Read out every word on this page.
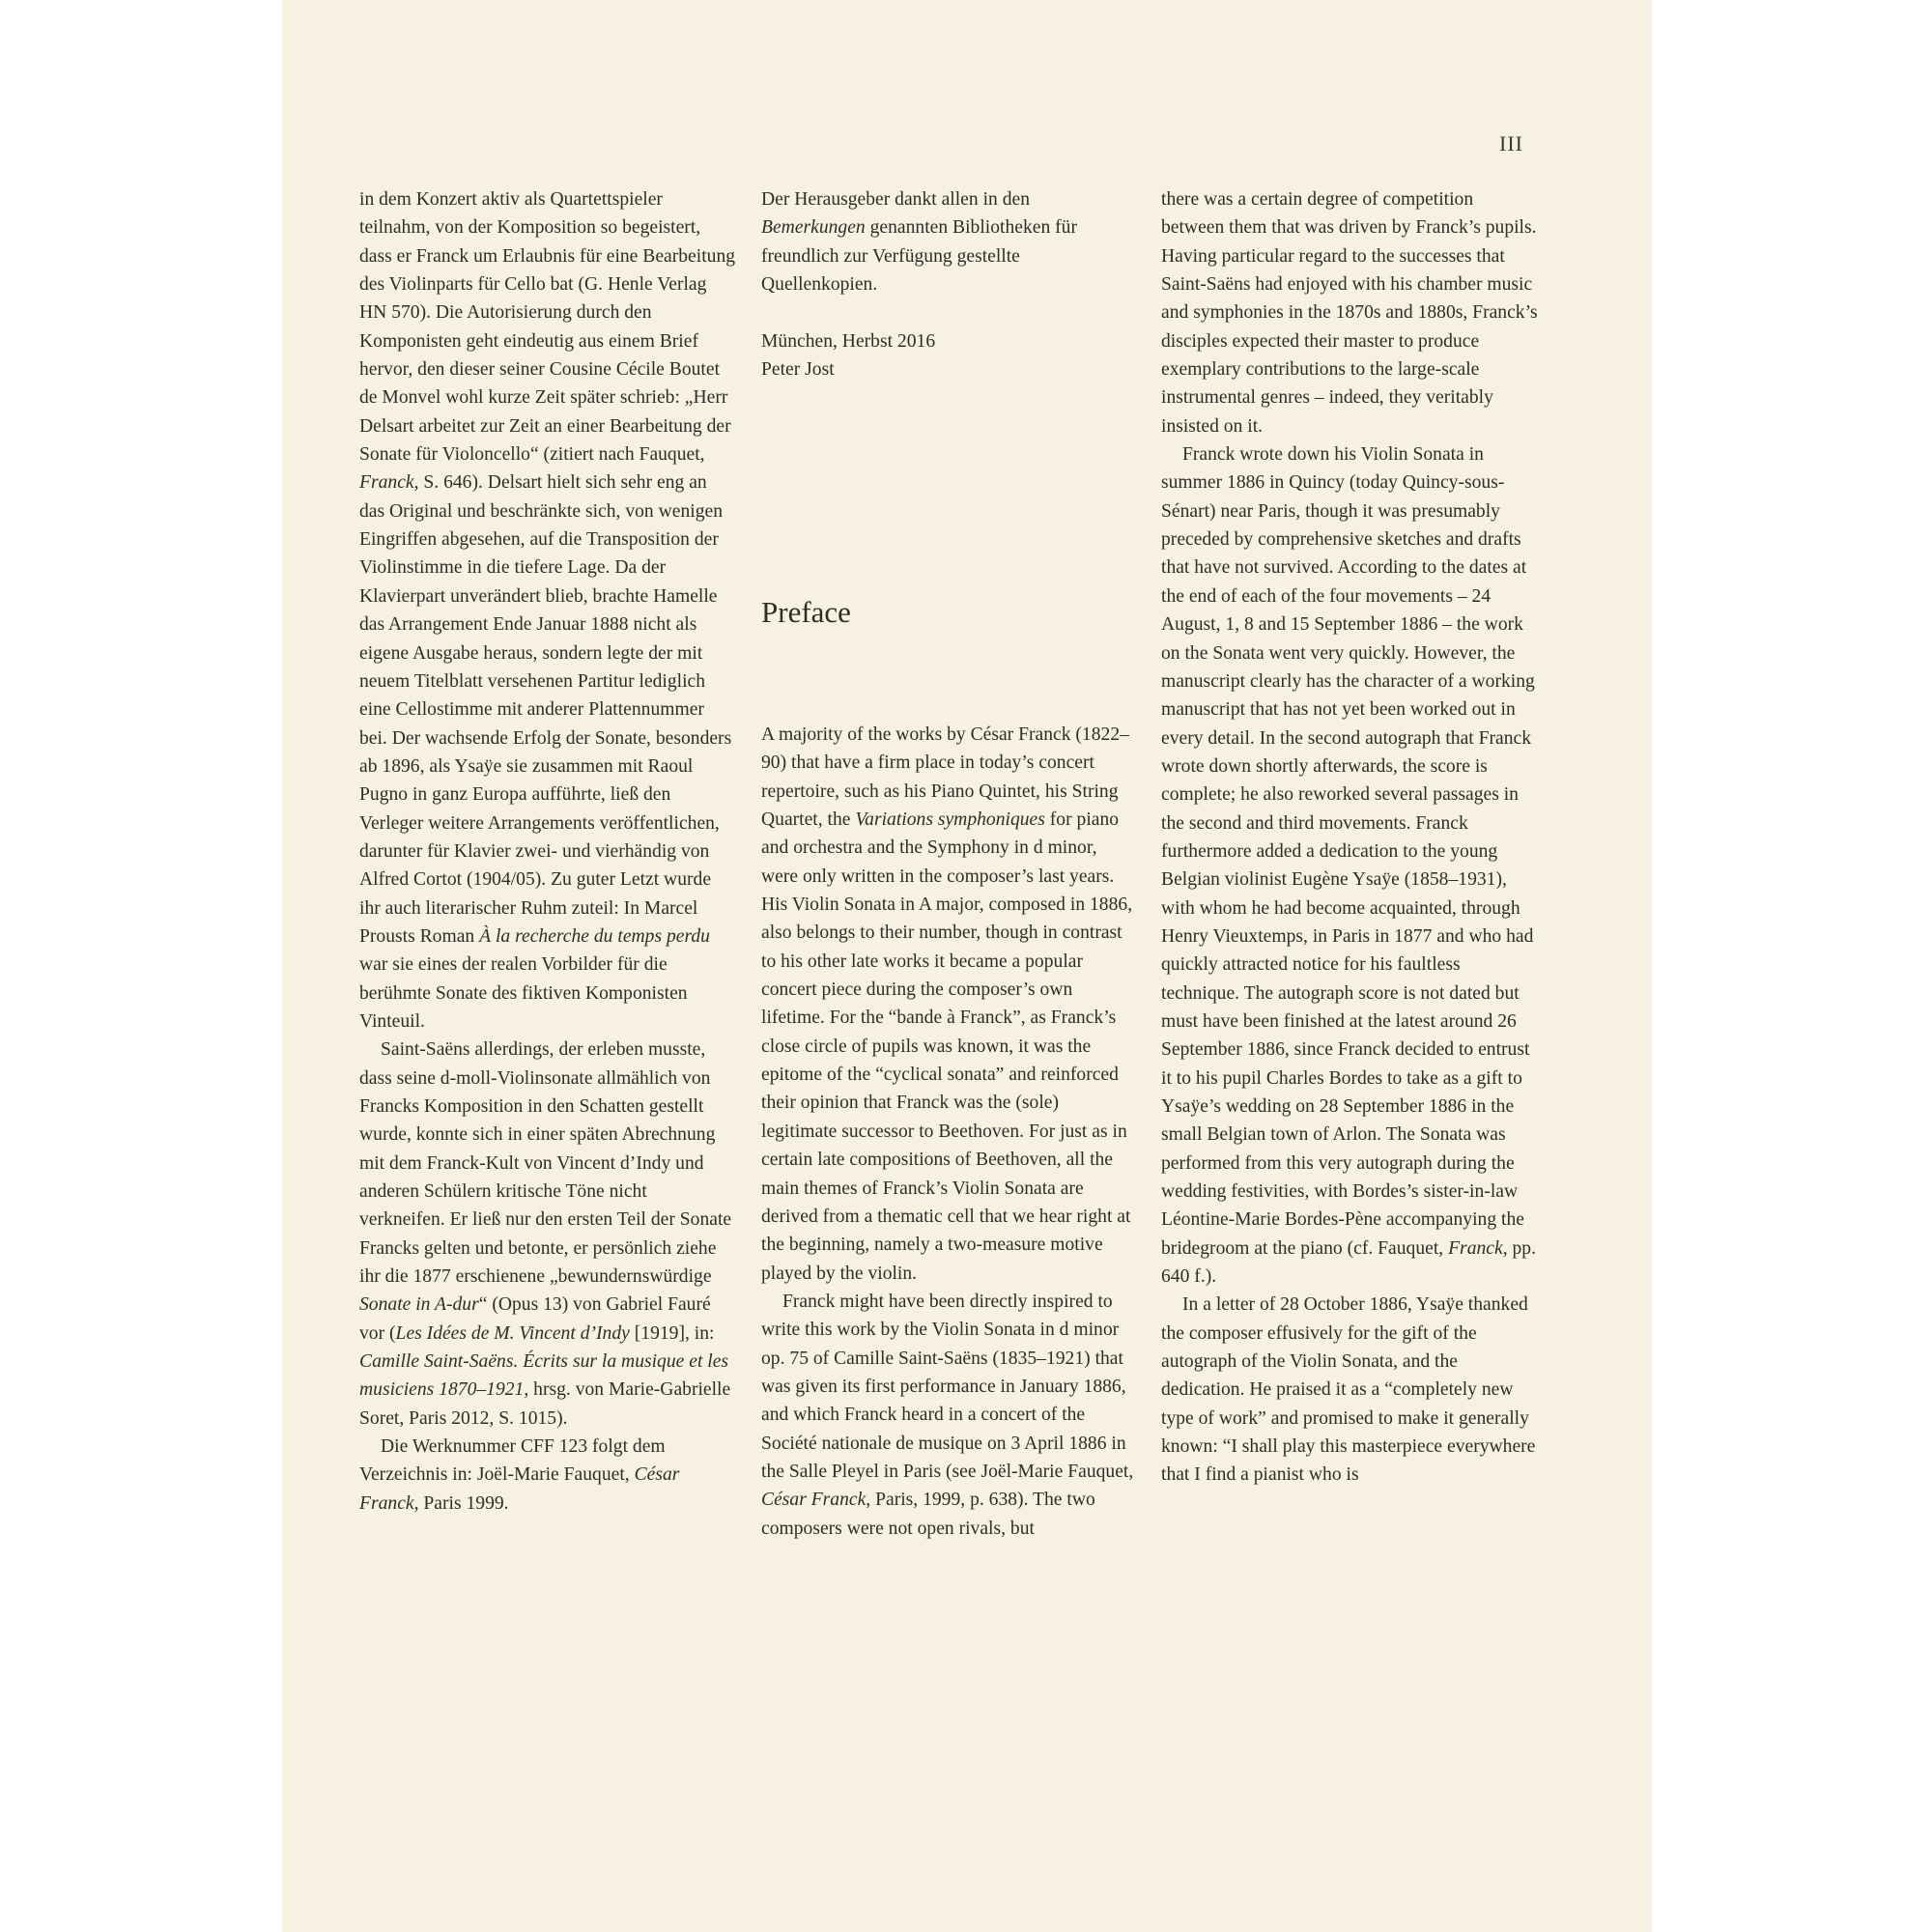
III

in dem Konzert aktiv als Quartettspieler teilnahm, von der Komposition so begeistert, dass er Franck um Erlaubnis für eine Bearbeitung des Violinparts für Cello bat (G. Henle Verlag HN 570). Die Autorisierung durch den Komponisten geht eindeutig aus einem Brief hervor, den dieser seiner Cousine Cécile Boutet de Monvel wohl kurze Zeit später schrieb: „Herr Delsart arbeitet zur Zeit an einer Bearbeitung der Sonate für Violoncello“ (zitiert nach Fauquet, Franck, S. 646). Delsart hielt sich sehr eng an das Original und beschränkte sich, von wenigen Eingriffen abgesehen, auf die Transposition der Violinstimme in die tiefere Lage. Da der Klavierpart unverändert blieb, brachte Hamelle das Arrangement Ende Januar 1888 nicht als eigene Ausgabe heraus, sondern legte der mit neuem Titelblatt versehenen Partitur lediglich eine Cellostimme mit anderer Plattennummer bei. Der wachsende Erfolg der Sonate, besonders ab 1896, als Ysaÿe sie zusammen mit Raoul Pugno in ganz Europa aufführte, ließ den Verleger weitere Arrangements veröffentlichen, darunter für Klavier zwei- und vierhändig von Alfred Cortot (1904/05). Zu guter Letzt wurde ihr auch literarischer Ruhm zuteil: In Marcel Prousts Roman À la recherche du temps perdu war sie eines der realen Vorbilder für die berühmte Sonate des fiktiven Komponisten Vinteuil.

Saint-Saëns allerdings, der erleben musste, dass seine d-moll-Violinsonate allmählich von Francks Komposition in den Schatten gestellt wurde, konnte sich in einer späten Abrechnung mit dem Franck-Kult von Vincent d’Indy und anderen Schülern kritische Töne nicht verkneifen. Er ließ nur den ersten Teil der Sonate Francks gelten und betonte, er persönlich ziehe ihr die 1877 erschienene „bewundernswürdige Sonate in A-dur“ (Opus 13) von Gabriel Fauré vor (Les Idées de M. Vincent d’Indy [1919], in: Camille Saint-Saëns. Écrits sur la musique et les musiciens 1870–1921, hrsg. von Marie-Gabrielle Soret, Paris 2012, S. 1015).

Die Werknummer CFF 123 folgt dem Verzeichnis in: Joël-Marie Fauquet, César Franck, Paris 1999.

Der Herausgeber dankt allen in den Bemerkungen genannten Bibliotheken für freundlich zur Verfügung gestellte Quellenkopien.

München, Herbst 2016

Peter Jost

Preface

A majority of the works by César Franck (1822–90) that have a firm place in today’s concert repertoire, such as his Piano Quintet, his String Quartet, the Variations symphoniques for piano and orchestra and the Symphony in d minor, were only written in the composer’s last years. His Violin Sonata in A major, composed in 1886, also belongs to their number, though in contrast to his other late works it became a popular concert piece during the composer’s own lifetime. For the “bande à Franck”, as Franck’s close circle of pupils was known, it was the epitome of the “cyclical sonata” and reinforced their opinion that Franck was the (sole) legitimate successor to Beethoven. For just as in certain late compositions of Beethoven, all the main themes of Franck’s Violin Sonata are derived from a thematic cell that we hear right at the beginning, namely a two-measure motive played by the violin.

Franck might have been directly inspired to write this work by the Violin Sonata in d minor op. 75 of Camille Saint-Saëns (1835–1921) that was given its first performance in January 1886, and which Franck heard in a concert of the Société nationale de musique on 3 April 1886 in the Salle Pleyel in Paris (see Joël-Marie Fauquet, César Franck, Paris, 1999, p. 638). The two composers were not open rivals, but

there was a certain degree of competition between them that was driven by Franck’s pupils. Having particular regard to the successes that Saint-Saëns had enjoyed with his chamber music and symphonies in the 1870s and 1880s, Franck’s disciples expected their master to produce exemplary contributions to the large-scale instrumental genres – indeed, they veritably insisted on it.

Franck wrote down his Violin Sonata in summer 1886 in Quincy (today Quincy-sous-Sénart) near Paris, though it was presumably preceded by comprehensive sketches and drafts that have not survived. According to the dates at the end of each of the four movements – 24 August, 1, 8 and 15 September 1886 – the work on the Sonata went very quickly. However, the manuscript clearly has the character of a working manuscript that has not yet been worked out in every detail. In the second autograph that Franck wrote down shortly afterwards, the score is complete; he also reworked several passages in the second and third movements. Franck furthermore added a dedication to the young Belgian violinist Eugène Ysaÿe (1858–1931), with whom he had become acquainted, through Henry Vieuxtemps, in Paris in 1877 and who had quickly attracted notice for his faultless technique. The autograph score is not dated but must have been finished at the latest around 26 September 1886, since Franck decided to entrust it to his pupil Charles Bordes to take as a gift to Ysaÿe’s wedding on 28 September 1886 in the small Belgian town of Arlon. The Sonata was performed from this very autograph during the wedding festivities, with Bordes’s sister-in-law Léontine-Marie Bordes-Pène accompanying the bridegroom at the piano (cf. Fauquet, Franck, pp. 640 f.).

In a letter of 28 October 1886, Ysaÿe thanked the composer effusively for the gift of the autograph of the Violin Sonata, and the dedication. He praised it as a “completely new type of work” and promised to make it generally known: “I shall play this masterpiece everywhere that I find a pianist who is
